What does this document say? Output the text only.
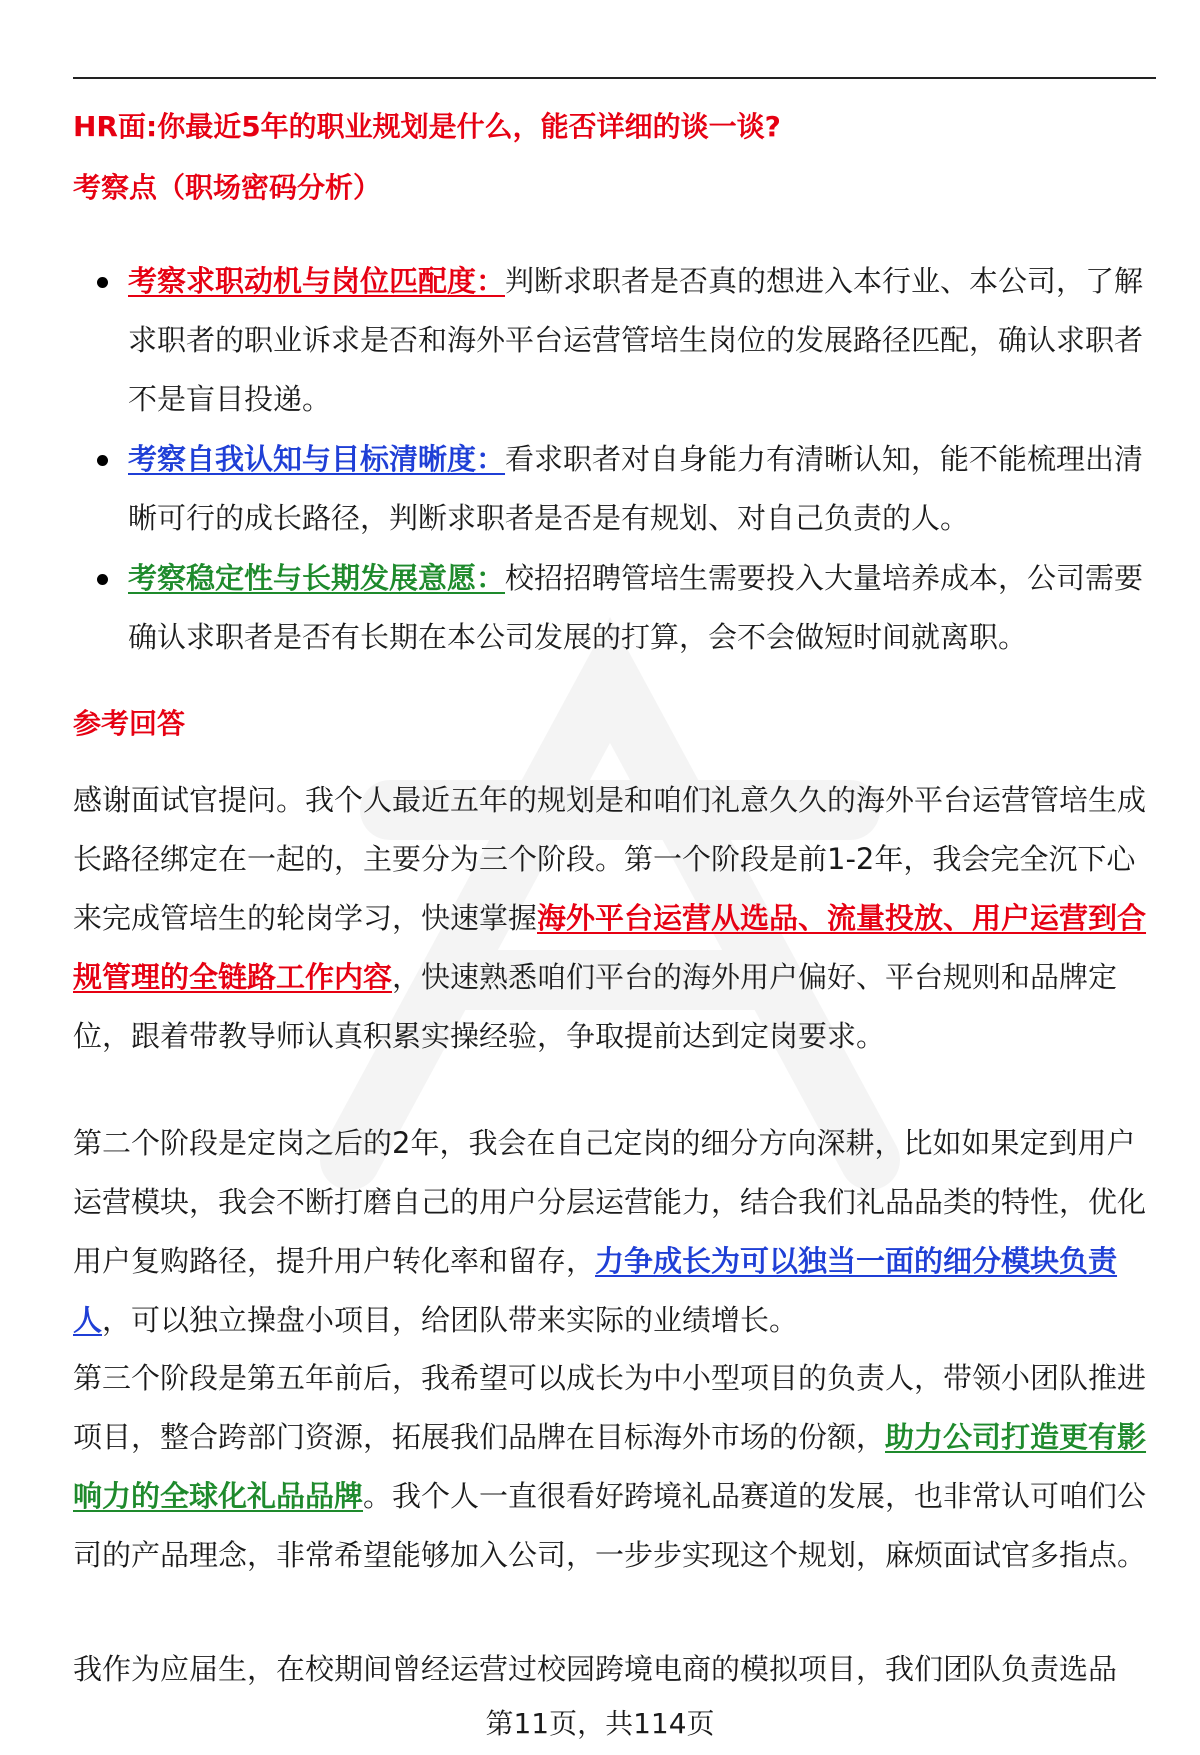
HR面:你最近5年的职业规划是什么，能否详细的谈一谈?
考察点（职场密码分析）
考察求职动机与岗位匹配度：判断求职者是否真的想进入本行业、本公司，了解求职者的职业诉求是否和海外平台运营管培生岗位的发展路径匹配，确认求职者不是盲目投递。
考察自我认知与目标清晰度：看求职者对自身能力有清晰认知，能不能梳理出清晰可行的成长路径，判断求职者是否是有规划、对自己负责的人。
考察稳定性与长期发展意愿：校招招聘管培生需要投入大量培养成本，公司需要确认求职者是否有长期在本公司发展的打算，会不会做短时间就离职。
参考回答

感谢面试官提问。我个人最近五年的规划是和咱们礼意久久的海外平台运营管培生成长路径绑定在一起的，主要分为三个阶段。第一个阶段是前1-2年，我会完全沉下心来完成管培生的轮岗学习，快速掌握海外平台运营从选品、流量投放、用户运营到合规管理的全链路工作内容，快速熟悉咱们平台的海外用户偏好、平台规则和品牌定位，跟着带教导师认真积累实操经验，争取提前达到定岗要求。

第二个阶段是定岗之后的2年，我会在自己定岗的细分方向深耕，比如如果定到用户运营模块，我会不断打磨自己的用户分层运营能力，结合我们礼品品类的特性，优化用户复购路径，提升用户转化率和留存，力争成长为可以独当一面的细分模块负责人，可以独立操盘小项目，给团队带来实际的业绩增长。

第三个阶段是第五年前后，我希望可以成长为中小型项目的负责人，带领小团队推进项目，整合跨部门资源，拓展我们品牌在目标海外市场的份额，助力公司打造更有影响力的全球化礼品品牌。我个人一直很看好跨境礼品赛道的发展，也非常认可咱们公司的产品理念，非常希望能够加入公司，一步步实现这个规划，麻烦面试官多指点。

我作为应届生，在校期间曾经运营过校园跨境电商的模拟项目，我们团队负责选品

第11页，共114页
